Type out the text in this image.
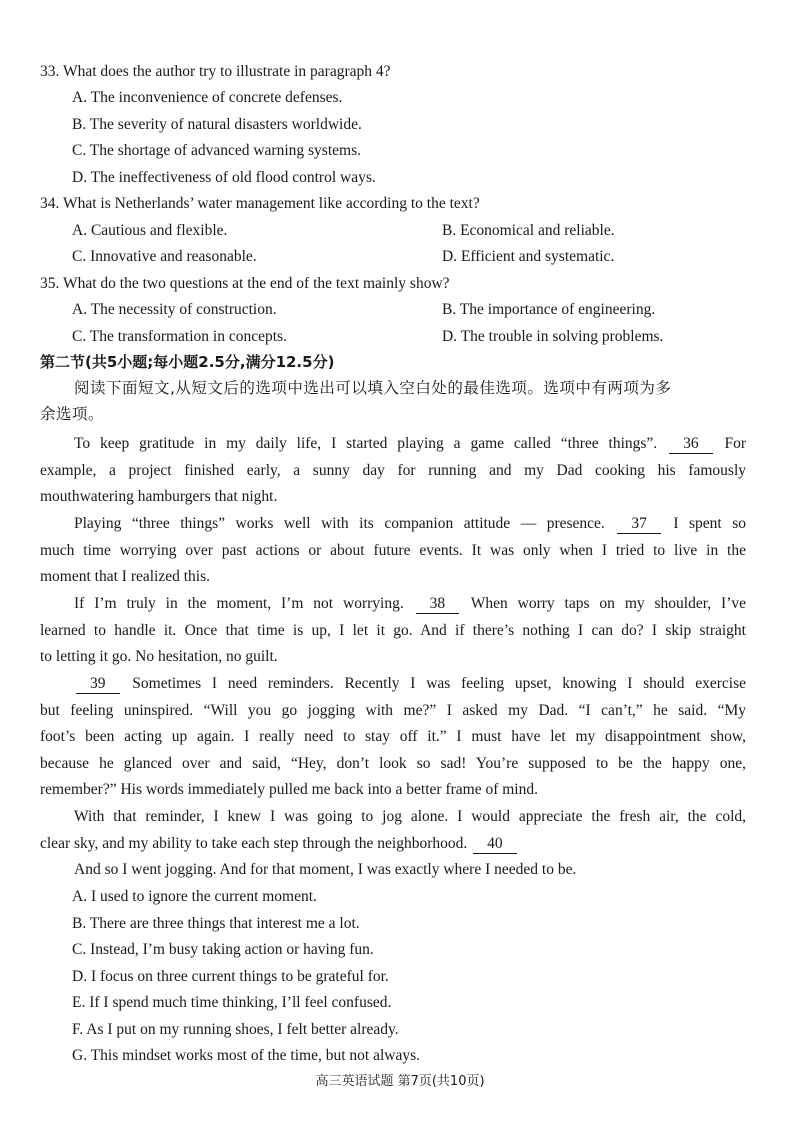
33. What does the author try to illustrate in paragraph 4?
A. The inconvenience of concrete defenses.
B. The severity of natural disasters worldwide.
C. The shortage of advanced warning systems.
D. The ineffectiveness of old flood control ways.
34. What is Netherlands’ water management like according to the text?
A. Cautious and flexible.	B. Economical and reliable.
C. Innovative and reasonable.	D. Efficient and systematic.
35. What do the two questions at the end of the text mainly show?
A. The necessity of construction.	B. The importance of engineering.
C. The transformation in concepts.	D. The trouble in solving problems.
第二节(共5小题;每小题2.5分,满分12.5分)
阅读下面短文,从短文后的选项中选出可以填入空白处的最佳选项。选项中有两项为多
余选项。
To keep gratitude in my daily life, I started playing a game called “three things”. 36 For
example, a project finished early, a sunny day for running and my Dad cooking his famously
mouthwatering hamburgers that night.
Playing “three things” works well with its companion attitude — presence. 37 I spent so
much time worrying over past actions or about future events. It was only when I tried to live in the
moment that I realized this.
If I’m truly in the moment, I’m not worrying. 38 When worry taps on my shoulder, I’ve
learned to handle it. Once that time is up, I let it go. And if there’s nothing I can do? I skip straight
to letting it go. No hesitation, no guilt.
39 Sometimes I need reminders. Recently I was feeling upset, knowing I should exercise
but feeling uninspired. “Will you go jogging with me?” I asked my Dad. “I can’t,” he said. “My
foot’s been acting up again. I really need to stay off it.” I must have let my disappointment show,
because he glanced over and said, “Hey, don’t look so sad! You’re supposed to be the happy one,
remember?” His words immediately pulled me back into a better frame of mind.
With that reminder, I knew I was going to jog alone. I would appreciate the fresh air, the cold,
clear sky, and my ability to take each step through the neighborhood. 40
And so I went jogging. And for that moment, I was exactly where I needed to be.
A. I used to ignore the current moment.
B. There are three things that interest me a lot.
C. Instead, I’m busy taking action or having fun.
D. I focus on three current things to be grateful for.
E. If I spend much time thinking, I’ll feel confused.
F. As I put on my running shoes, I felt better already.
G. This mindset works most of the time, but not always.
高三英语试题 第7页(共10页)
